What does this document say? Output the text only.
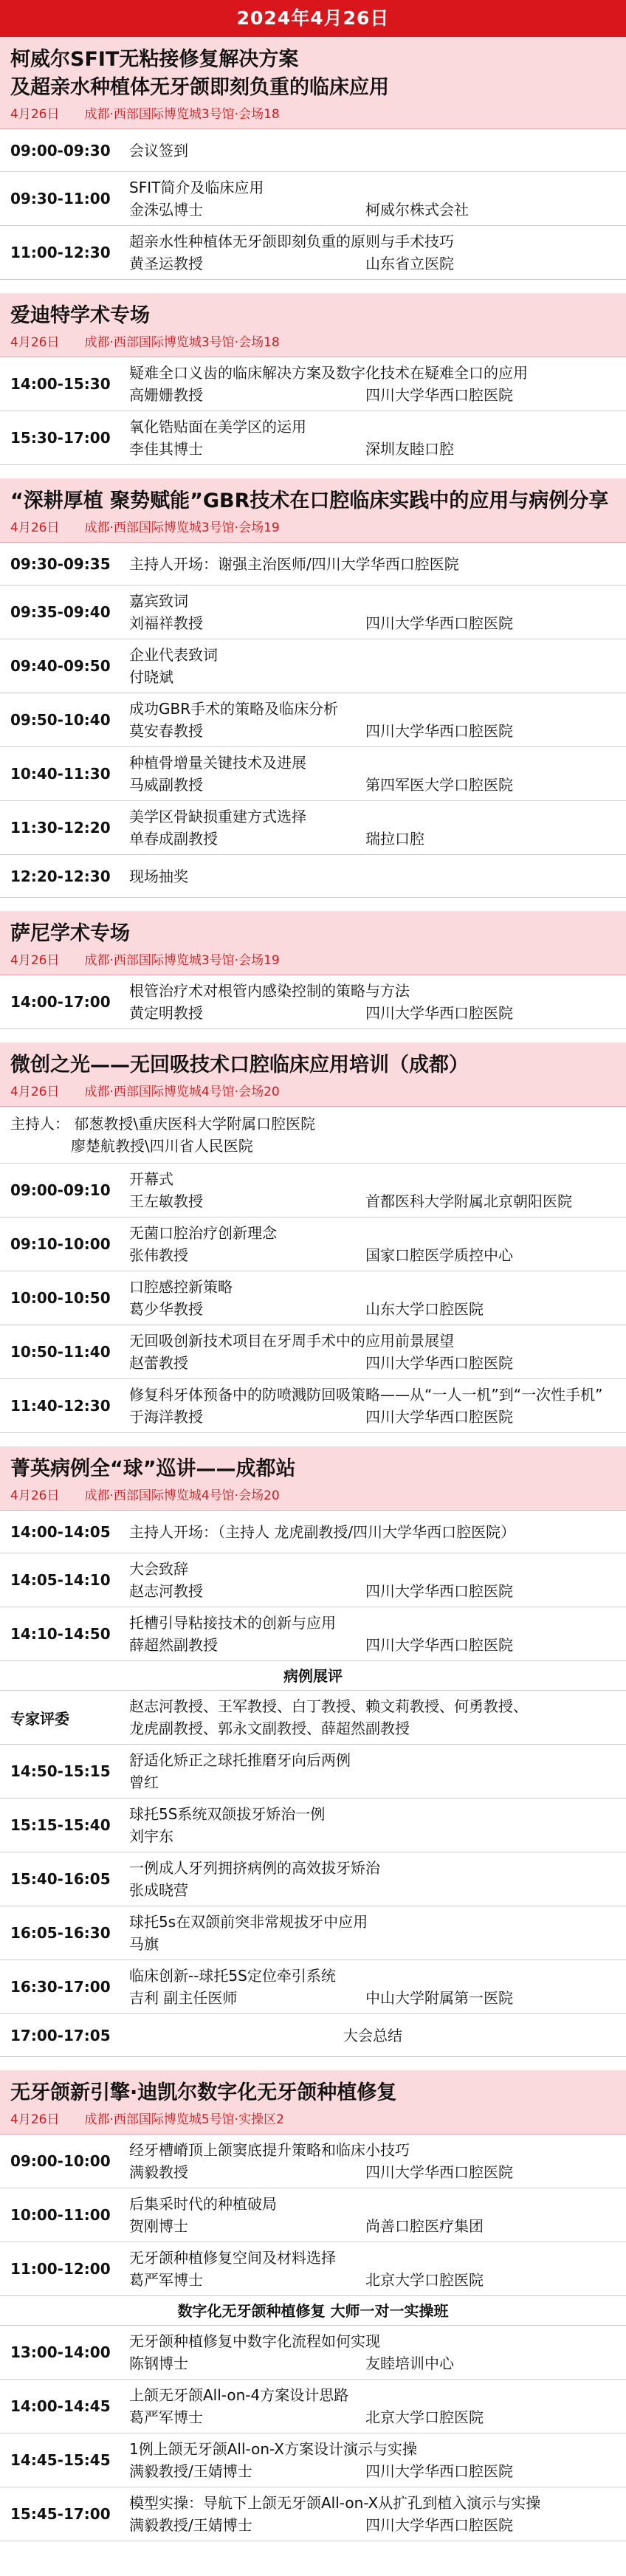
2024年4月26日
柯威尔SFIT无粘接修复解决方案
及超亲水种植体无牙颌即刻负重的临床应用
4月26日 成都·西部国际博览城3号馆·会场18
09:00-09:30	会议签到
09:30-11:00
SFIT简介及临床应用
金洙弘博士	柯威尔株式会社
11:00-12:30
超亲水性种植体无牙颌即刻负重的原则与手术技巧
黄圣运教授	山东省立医院
爱迪特学术专场
4月26日 成都·西部国际博览城3号馆·会场18
14:00-15:30
疑难全口义齿的临床解决方案及数字化技术在疑难全口的应用
高姗姗教授	四川大学华西口腔医院
15:30-17:00
氧化锆贴面在美学区的运用
李佳其博士	深圳友睦口腔
“深耕厚植 聚势赋能”GBR技术在口腔临床实践中的应用与病例分享
4月26日 成都·西部国际博览城3号馆·会场19
09:30-09:35	主持人开场：谢强主治医师/四川大学华西口腔医院
09:35-09:40
嘉宾致词
刘福祥教授	四川大学华西口腔医院
09:40-09:50
企业代表致词
付晓斌
09:50-10:40
成功GBR手术的策略及临床分析
莫安春教授	四川大学华西口腔医院
10:40-11:30
种植骨增量关键技术及进展
马威副教授	第四军医大学口腔医院
11:30-12:20
美学区骨缺损重建方式选择
单春成副教授	瑞拉口腔
12:20-12:30	现场抽奖
萨尼学术专场
4月26日 成都·西部国际博览城3号馆·会场19
14:00-17:00
根管治疗术对根管内感染控制的策略与方法
黄定明教授	四川大学华西口腔医院
微创之光——无回吸技术口腔临床应用培训（成都）
4月26日 成都·西部国际博览城4号馆·会场20
主持人： 郁葱教授\重庆医科大学附属口腔医院
廖楚航教授\四川省人民医院
09:00-09:10
开幕式
王左敏教授	首都医科大学附属北京朝阳医院
09:10-10:00
无菌口腔治疗创新理念
张伟教授	国家口腔医学质控中心
10:00-10:50
口腔感控新策略
葛少华教授	山东大学口腔医院
10:50-11:40
无回吸创新技术项目在牙周手术中的应用前景展望
赵蕾教授	四川大学华西口腔医院
11:40-12:30
修复科牙体预备中的防喷溅防回吸策略——从“一人一机”到“一次性手机”
于海洋教授	四川大学华西口腔医院
菁英病例全“球”巡讲——成都站
4月26日 成都·西部国际博览城4号馆·会场20
14:00-14:05	主持人开场：（主持人 龙虎副教授/四川大学华西口腔医院）
14:05-14:10
大会致辞
赵志河教授	四川大学华西口腔医院
14:10-14:50
托槽引导粘接技术的创新与应用
薛超然副教授	四川大学华西口腔医院
病例展评
专家评委
赵志河教授、王军教授、白丁教授、赖文莉教授、何勇教授、
龙虎副教授、郭永文副教授、薛超然副教授
14:50-15:15
舒适化矫正之球托推磨牙向后两例
曾红
15:15-15:40
球托5S系统双颌拔牙矫治一例
刘宇东
15:40-16:05
一例成人牙列拥挤病例的高效拔牙矫治
张成晓营
16:05-16:30
球托5s在双颌前突非常规拔牙中应用
马旗
16:30-17:00
临床创新--球托5S定位牵引系统
吉利 副主任医师	中山大学附属第一医院
17:00-17:05	大会总结
无牙颌新引擎·迪凯尔数字化无牙颌种植修复
4月26日 成都·西部国际博览城5号馆·实操区2
09:00-10:00
经牙槽嵴顶上颌窦底提升策略和临床小技巧
满毅教授	四川大学华西口腔医院
10:00-11:00
后集采时代的种植破局
贺刚博士	尚善口腔医疗集团
11:00-12:00
无牙颌种植修复空间及材料选择
葛严军博士	北京大学口腔医院
数字化无牙颌种植修复 大师一对一实操班
13:00-14:00
无牙颌种植修复中数字化流程如何实现
陈钢博士	友睦培训中心
14:00-14:45
上颌无牙颌All-on-4方案设计思路
葛严军博士	北京大学口腔医院
14:45-15:45
1例上颌无牙颌All-on-X方案设计演示与实操
满毅教授/王婧博士	四川大学华西口腔医院
15:45-17:00
模型实操：导航下上颌无牙颌All-on-X从扩孔到植入演示与实操
满毅教授/王婧博士	四川大学华西口腔医院
